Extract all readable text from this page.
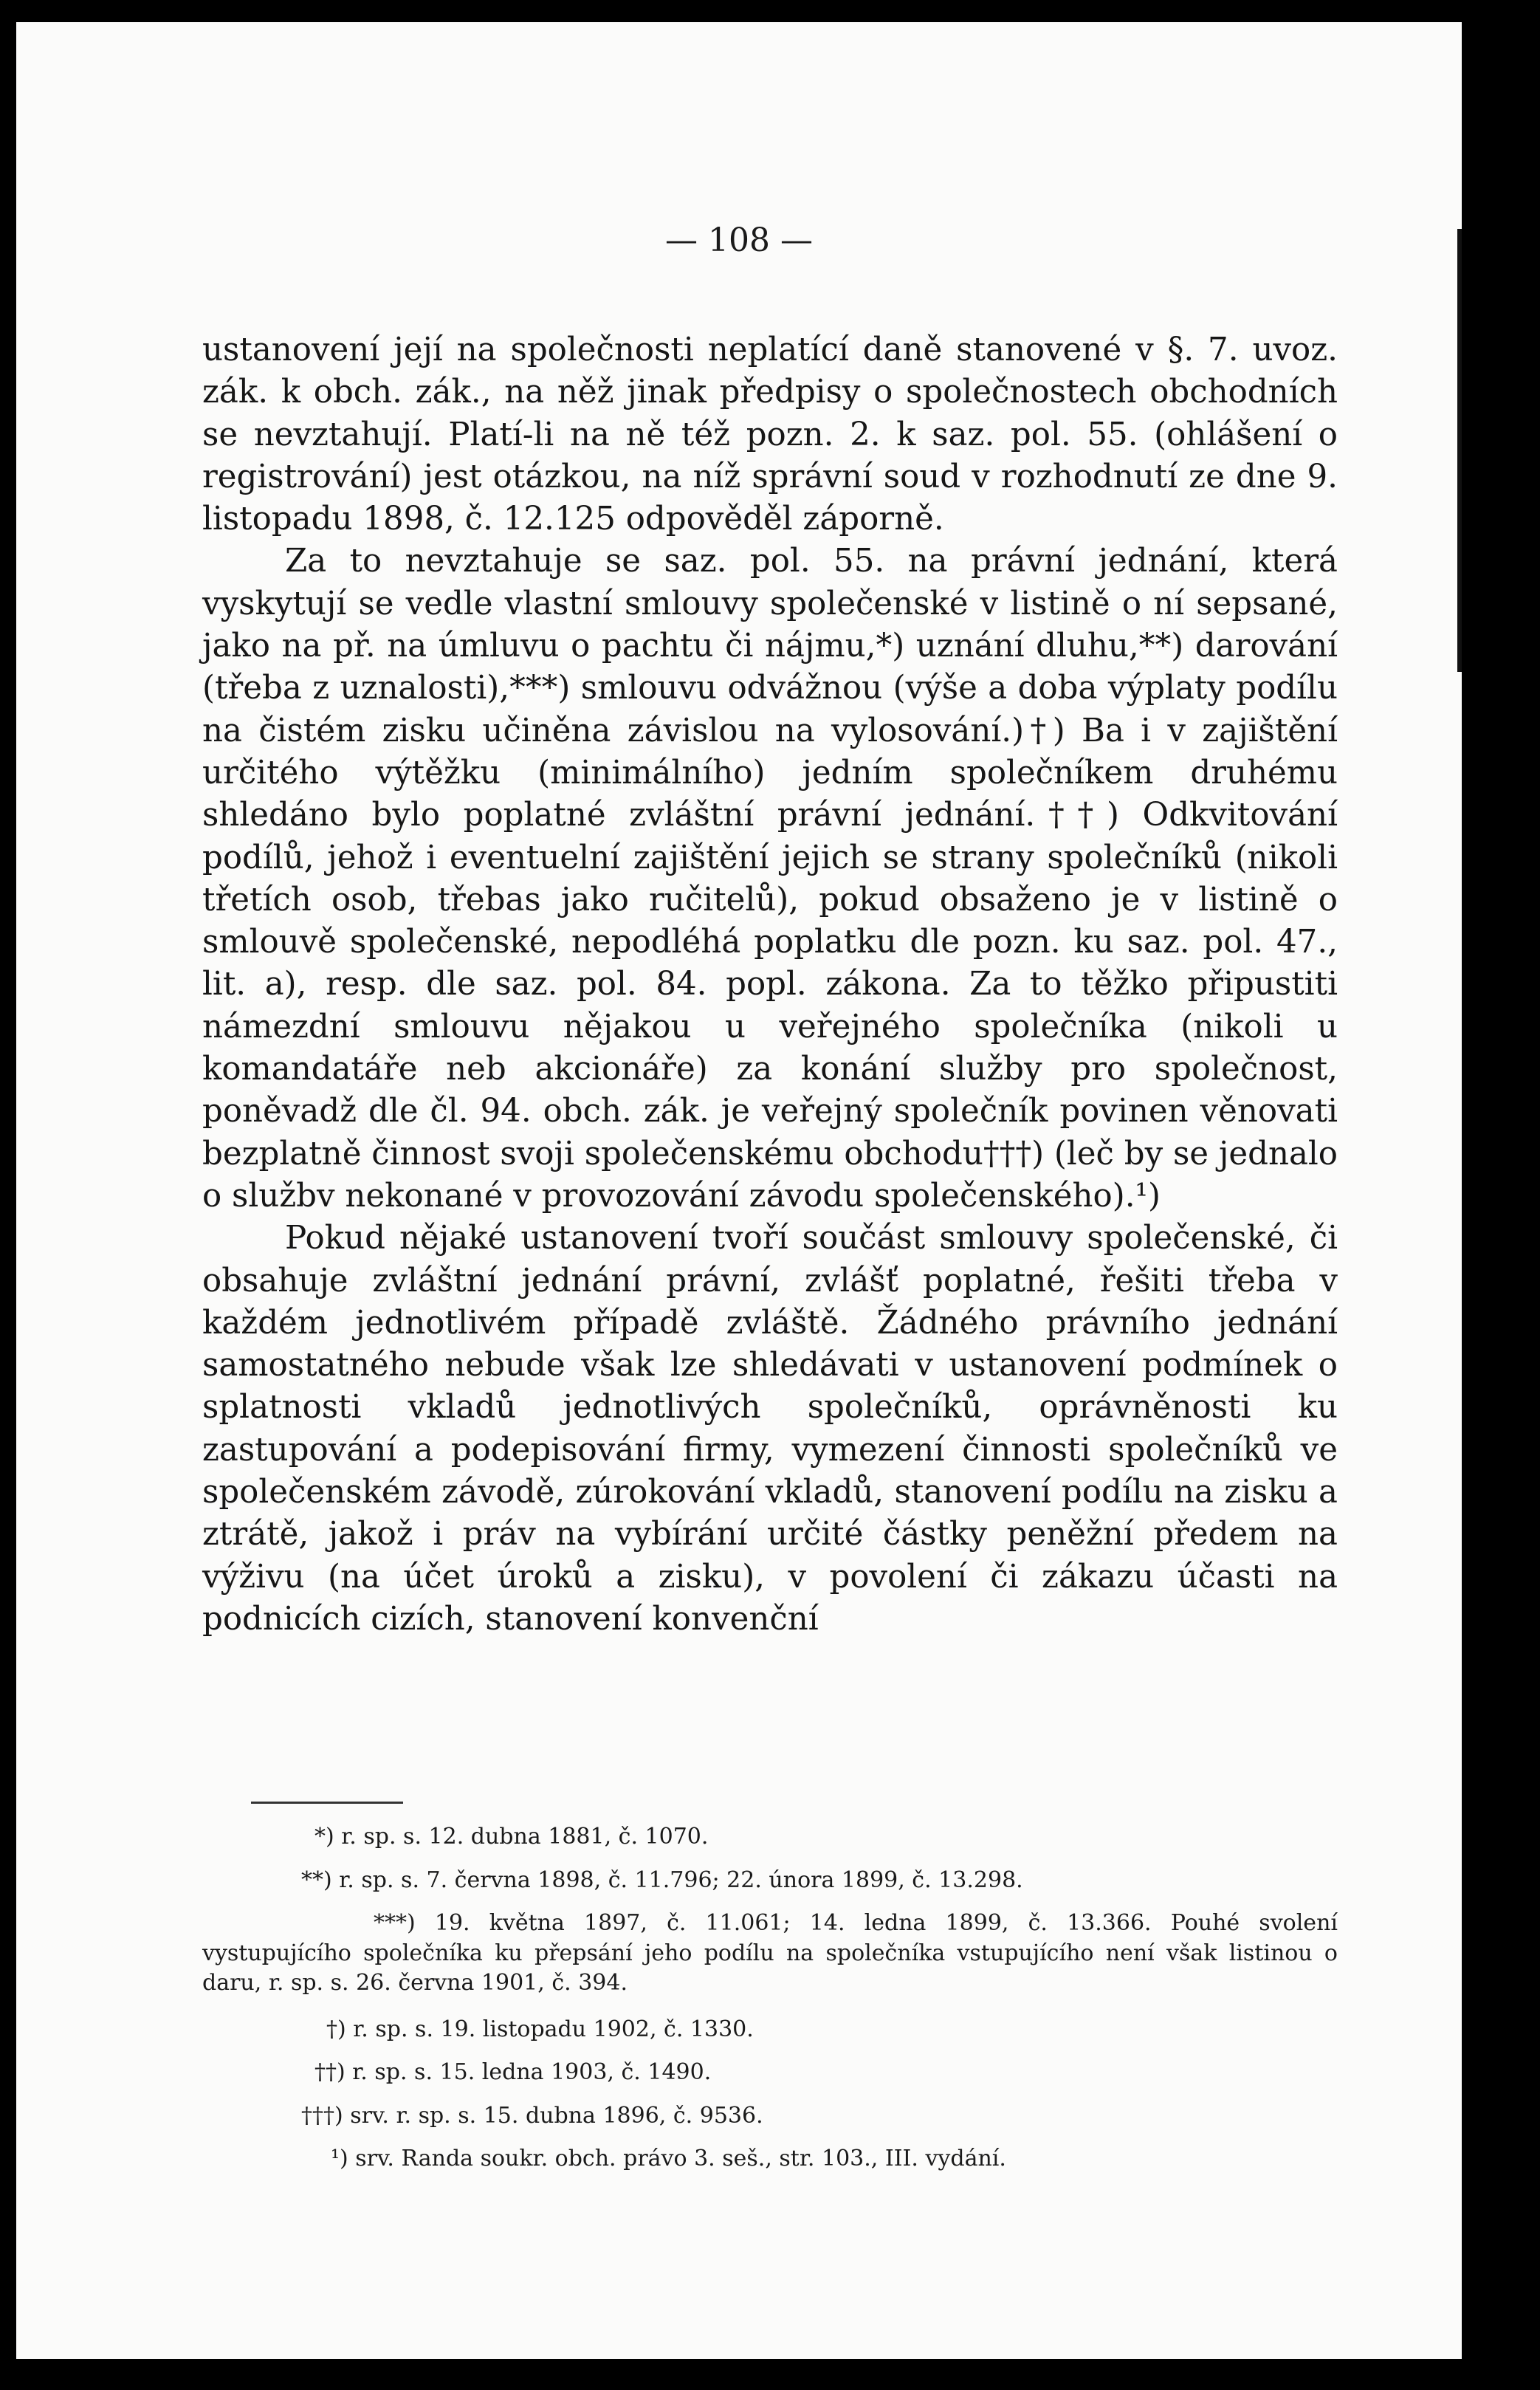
— 108 —

ustanovení její na společnosti neplatící daně stanovené v §. 7. uvoz. zák. k obch. zák., na něž jinak předpisy o společnostech obchodních se nevztahují. Platí-li na ně též pozn. 2. k saz. pol. 55. (ohlášení o registrování) jest otázkou, na níž správní soud v rozhodnutí ze dne 9. listopadu 1898, č. 12.125 odpověděl záporně.

Za to nevztahuje se saz. pol. 55. na právní jednání, která vyskytují se vedle vlastní smlouvy společenské v listině o ní sepsané, jako na př. na úmluvu o pachtu či nájmu,*) uznání dluhu,**) darování (třeba z uznalosti),***) smlouvu odvážnou (výše a doba výplaty podílu na čistém zisku učiněna závislou na vylosování.)†) Ba i v zajištění určitého výtěžku (minimálního) jedním společníkem druhému shledáno bylo poplatné zvláštní právní jednání.††) Odkvitování podílů, jehož i eventuelní zajištění jejich se strany společníků (nikoli třetích osob, třebas jako ručitelů), pokud obsaženo je v listině o smlouvě společenské, nepodléhá poplatku dle pozn. ku saz. pol. 47., lit. a), resp. dle saz. pol. 84. popl. zákona. Za to těžko připustiti námezdní smlouvu nějakou u veřejného společníka (nikoli u komandatáře neb akcionáře) za konání služby pro společnost, poněvadž dle čl. 94. obch. zák. je veřejný společník povinen věnovati bezplatně činnost svoji společenskému obchodu†††) (leč by se jednalo o službv nekonané v provozování závodu společenského).¹)

Pokud nějaké ustanovení tvoří součást smlouvy společenské, či obsahuje zvláštní jednání právní, zvlášť poplatné, řešiti třeba v každém jednotlivém případě zvláště. Žádného právního jednání samostatného nebude však lze shledávati v ustanovení podmínek o splatnosti vkladů jednotlivých společníků, oprávněnosti ku zastupování a podepisování firmy, vymezení činnosti společníků ve společenském závodě, zúrokování vkladů, stanovení podílu na zisku a ztrátě, jakož i práv na vybírání určité částky peněžní předem na výživu (na účet úroků a zisku), v povolení či zákazu účasti na podnicích cizích, stanovení konvenční

*) r. sp. s. 12. dubna 1881, č. 1070.

**) r. sp. s. 7. června 1898, č. 11.796; 22. února 1899, č. 13.298.

***) 19. května 1897, č. 11.061; 14. ledna 1899, č. 13.366. Pouhé svolení vystupujícího společníka ku přepsání jeho podílu na společníka vstupujícího není však listinou o daru, r. sp. s. 26. června 1901, č. 394.

†) r. sp. s. 19. listopadu 1902, č. 1330.

††) r. sp. s. 15. ledna 1903, č. 1490.

†††) srv. r. sp. s. 15. dubna 1896, č. 9536.

¹) srv. Randa soukr. obch. právo 3. seš., str. 103., III. vydání.
